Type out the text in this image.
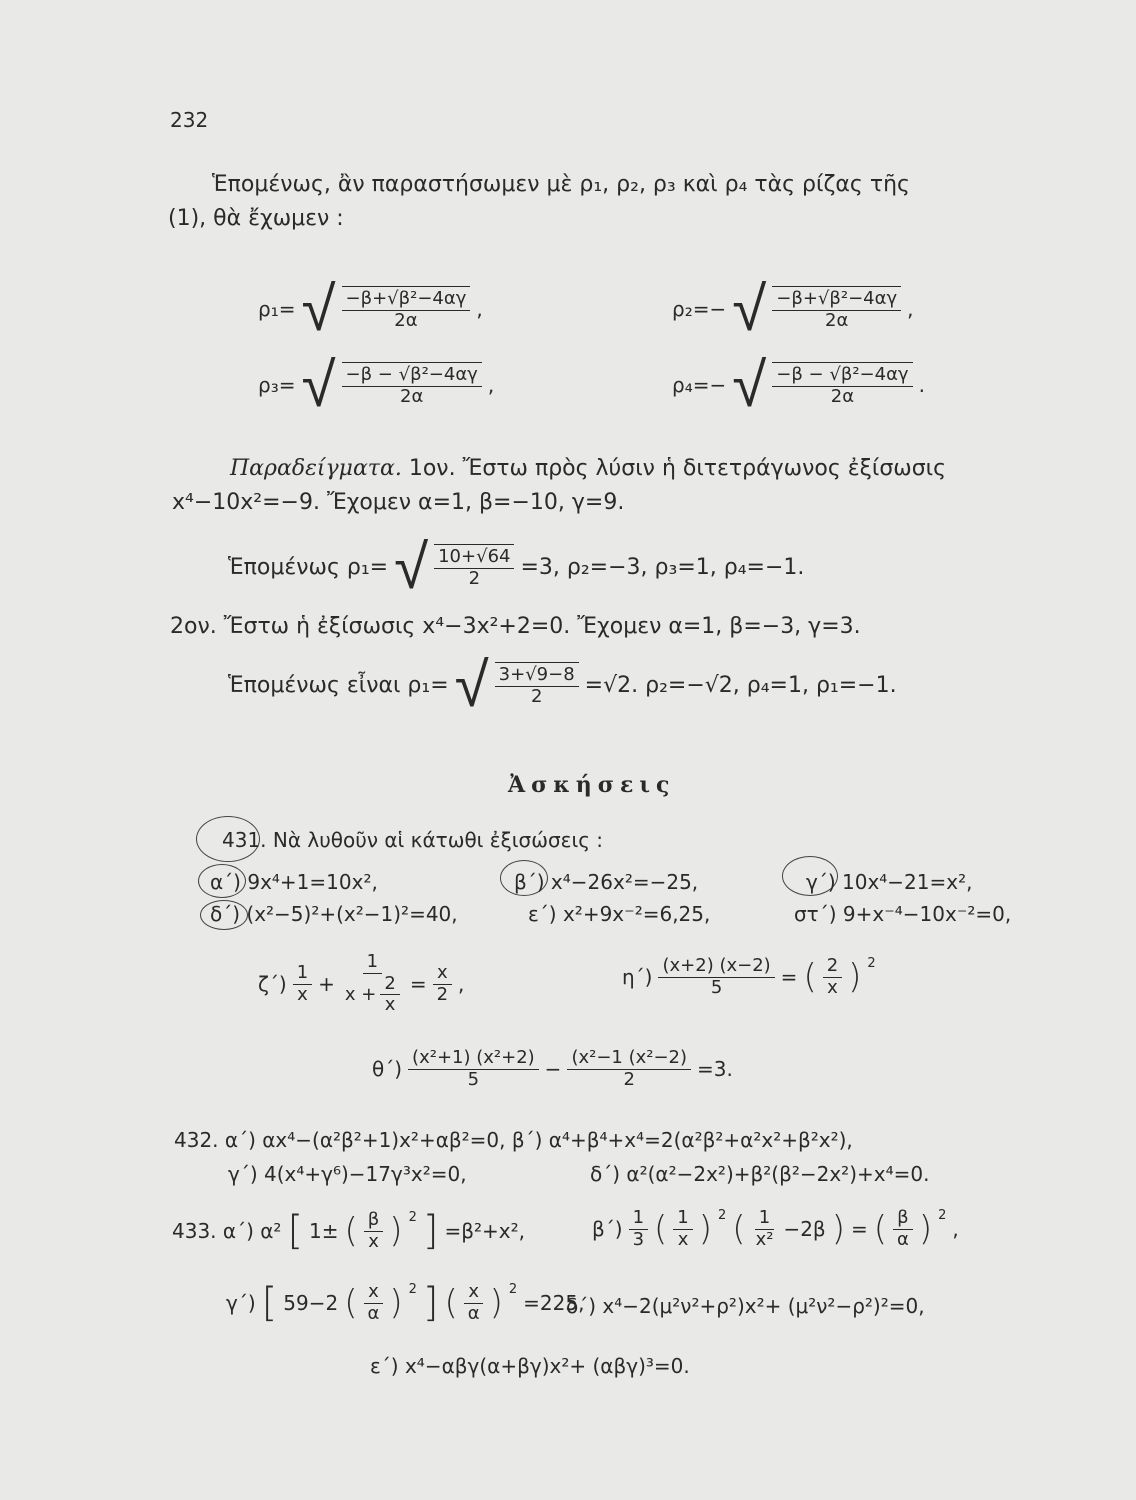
232
Ἑπομένως, ἂν παραστήσωμεν μὲ ρ₁, ρ₂, ρ₃ καὶ ρ₄ τὰς ρίζας τῆς
(1), θὰ ἔχωμεν :
ρ₁= √ $\frac{\text{−β+√β²−4αγ}}{2\alpha}$ ,	ρ₂=− √ $\frac{\text{−β+√β²−4αγ}}{2\alpha}$ ,
ρ₃= √ $\frac{\text{−β − √β²−4αγ}}{2\alpha}$ ,	ρ₄=− √ $\frac{\text{−β − √β²−4αγ}}{2\alpha}$ .
Παραδείγματα. 1ον. Ἔστω πρὸς λύσιν ἡ διτετράγωνος ἐξίσωσις
x⁴−10x²=−9. Ἔχομεν α=1, β=−10, γ=9.
Ἑπομένως ρ₁= √ $\frac{10+√64}{2} =3$, ρ₂=−3, ρ₃=1, ρ₄=−1.
2ον. Ἔστω ἡ ἐξίσωσις x⁴−3x²+2=0. Ἔχομεν α=1, β=−3, γ=3.
Ἑπομένως εἶναι ρ₁= √ $\frac{3+√9-8}{2} =√2$. ρ₂=−√2, ρ₄=1, ρ₁=−1.
Ἀσκήσεις
431. Νὰ λυθοῦν αἱ κάτωθι ἐξισώσεις :
α΄) 9x⁴+1=10x²,	β΄) x⁴−26x²=−25,	γ΄) 10x⁴−21=x²,
δ΄) (x²−5)²+(x²−1)²=40,	ε΄) x²+9x⁻²=6,25,	στ΄) 9+x⁻⁴−10x⁻²=0,
$\zeta΄) \frac{1}{x} + \frac{1}{x + \frac{2}{x}} = \frac{x}{2}$ ,	$\eta΄) \frac{(x+2) (x-2)}{5}$ = ( $\frac{2}{x}$ ) $^2$
$\theta΄) \frac{\text{(x²+1) (x²+2)}}{5} - \frac{\text{(x²−1 (x²−2)}}{2} =3$.
432. α΄) αx⁴−(α²β²+1)x²+αβ²=0, β΄) α⁴+β⁴+x⁴=2(α²β²+α²x²+β²x²),
γ΄) 4(x⁴+γ⁶)−17γ³x²=0,	δ΄) α²(α²−2x²)+β²(β²−2x²)+x⁴=0.
433. α΄) α² [ 1± ( $\frac{\beta}{x}$ ) $^2$ ] =β²+x²,	$\beta΄) \frac{1}{3}$ ( $\frac{1}{x}$ ) $^2$ ( $\frac{1}{\text{x²}} -2\beta$ ) = ( $\frac{\beta}{\alpha}$ ) $^2$
,
γ΄) [ 59−2 ( $\frac{x}{\alpha}$ ) $^2$ ] ( $\frac{x}{\alpha}$ ) $^2$
=225,
δ΄) x⁴−2(μ²ν²+ρ²)x²+ (μ²ν²−ρ²)²=0,
ε΄) x⁴−αβγ(α+βγ)x²+ (αβγ)³=0.
